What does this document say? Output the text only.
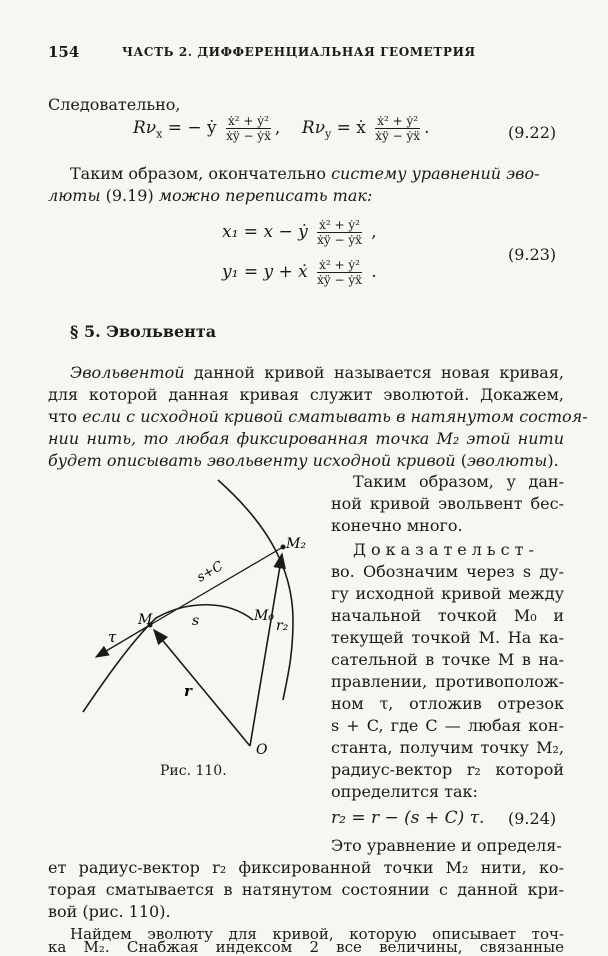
154	ЧАСТЬ 2. ДИФФЕРЕНЦИАЛЬНАЯ ГЕОМЕТРИЯ
Следовательно,
$R\nu_x$ = − ẏ $\frac{\text{ẋ² + ẏ²}}{\text{ẋÿ − ẏẍ}}$ ,    $R\nu_y$ = ẋ $\frac{\text{ẋ² + ẏ²}}{\text{ẋÿ − ẏẍ}}$ .	(9.22)
Таким образом, окончательно систему уравнений эво-
люты (9.19) можно переписать так:
x₁ = x − ẏ $\frac{\text{ẋ² + ẏ²}}{\text{ẋÿ − ẏẍ}}$ ,
y₁ = y + ẋ $\frac{\text{ẋ² + ẏ²}}{\text{ẋÿ − ẏẍ}}$ .
(9.23)
§ 5. Эвольвента
Эвольвентой данной кривой называется новая кривая,
для которой данная кривая служит эволютой. Докажем,
что если с исходной кривой сматывать в натянутом состоя-
нии нить, то любая фиксированная точка M₂ этой нити
будет описывать эвольвенту исходной кривой (эволюты).
Таким образом, у дан-
ной кривой эвольвент бес-
конечно много.
Доказательст-
во. Обозначим через s ду-
гу исходной кривой между
начальной точкой M₀ и
текущей точкой M. На ка-
сательной в точке M в на-
правлении, противополож-
ном τ, отложив отрезок
s + C, где C — любая кон-
станта, получим точку M₂,
радиус-вектор r₂ которой
определится так:
r₂ = r − (s + C) τ. (9.24)
M₂
M	M₀
τ
s
s+C
r
r₂
O
Рис. 110.
Это уравнение и определя-
ет радиус-вектор r₂ фиксированной точки M₂ нити, ко-
торая сматывается в натянутом состоянии с данной кри-
вой (рис. 110).
Найдем эволюту для кривой, которую описывает точ-
ка M₂. Снабжая индексом 2 все величины, связанные
